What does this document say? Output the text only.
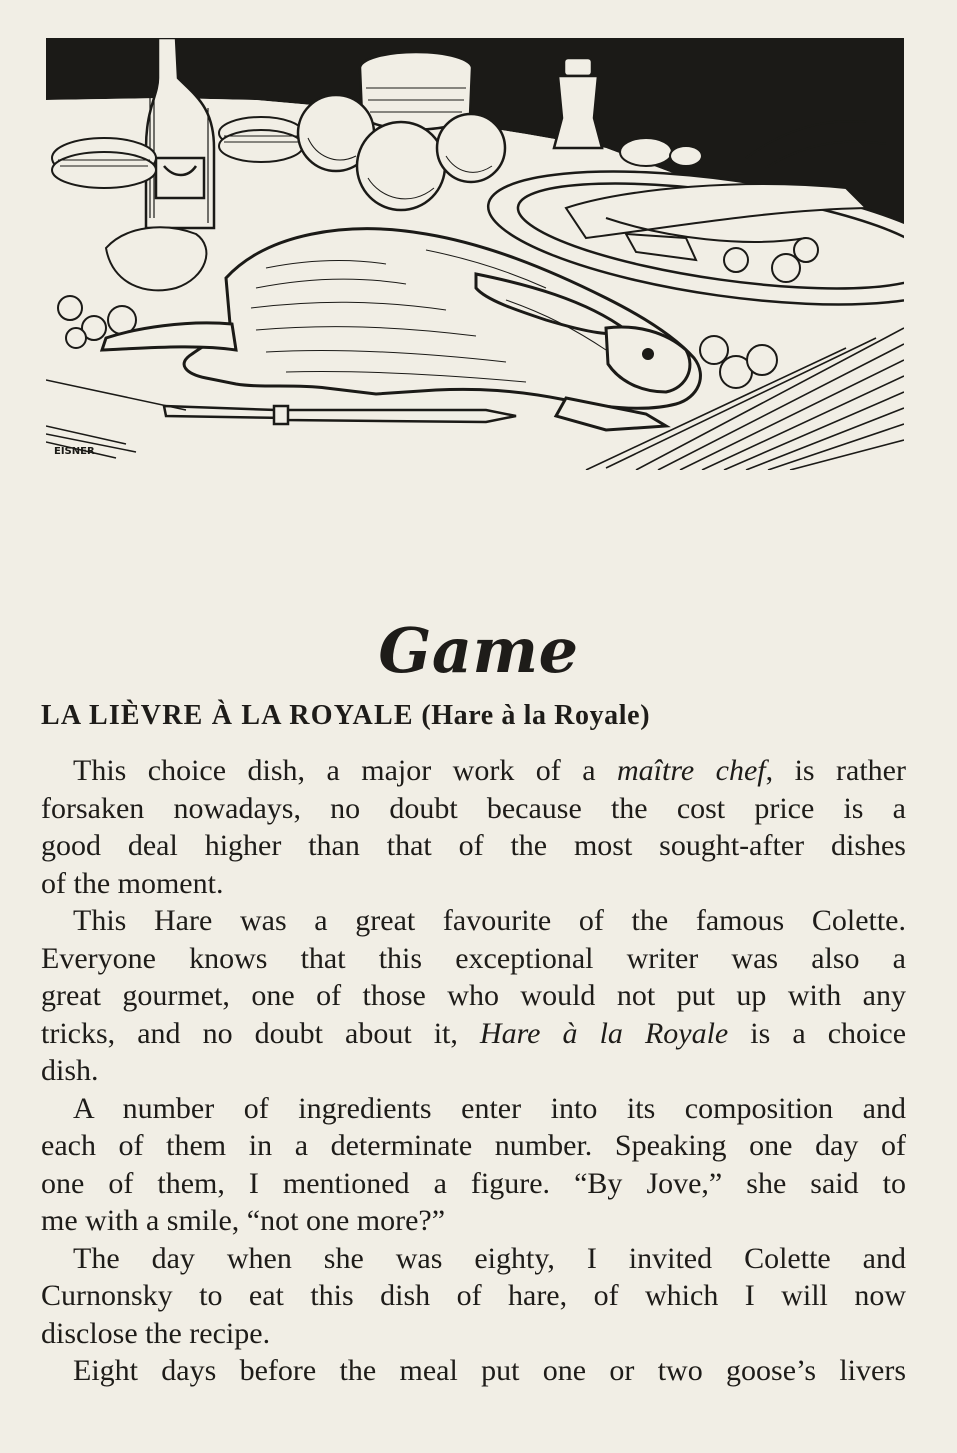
EISNER
Game
LA LIÈVRE À LA ROYALE (Hare à la Royale)
This choice dish, a major work of a maître chef, is rather
forsaken nowadays, no doubt because the cost price is a
good deal higher than that of the most sought-after dishes
of the moment.
This Hare was a great favourite of the famous Colette.
Everyone knows that this exceptional writer was also a
great gourmet, one of those who would not put up with any
tricks, and no doubt about it, Hare à la Royale is a choice
dish.
A number of ingredients enter into its composition and
each of them in a determinate number. Speaking one day of
one of them, I mentioned a figure. “By Jove,” she said to
me with a smile, “not one more?”
The day when she was eighty, I invited Colette and
Curnonsky to eat this dish of hare, of which I will now
disclose the recipe.
Eight days before the meal put one or two goose’s livers
